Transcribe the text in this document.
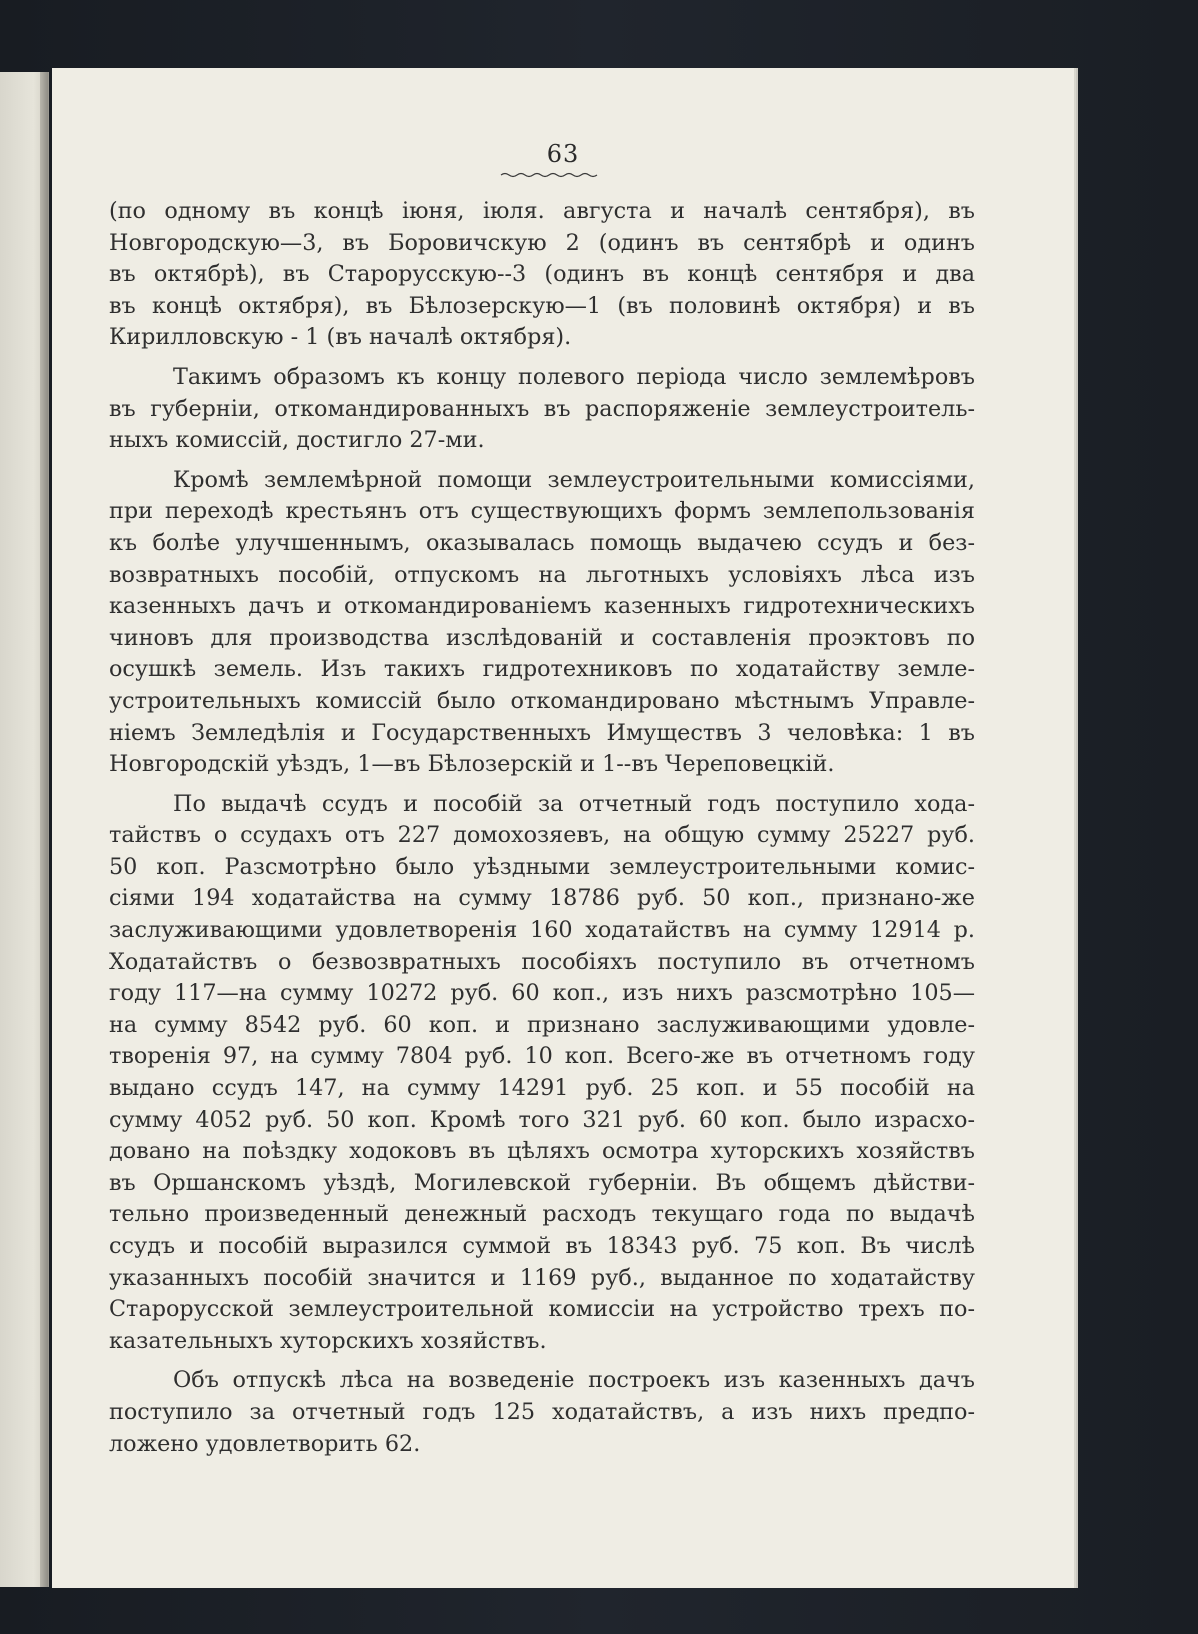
63
(по одному въ концѣ іюня, іюля. августа и началѣ сентября), въ
Новгородскую—3, въ Боровичскую 2 (одинъ въ сентябрѣ и одинъ
въ октябрѣ), въ Старорусскую--3 (одинъ въ концѣ сентября и два
въ концѣ октября), въ Бѣлозерскую—1 (въ половинѣ октября) и въ
Кирилловскую - 1 (въ началѣ октября).
Такимъ образомъ къ концу полевого періода число землемѣровъ
въ губерніи, откомандированныхъ въ распоряженіе землеустроитель-
ныхъ комиссій, достигло 27-ми.
Кромѣ землемѣрной помощи землеустроительными комиссіями,
при переходѣ крестьянъ отъ существующихъ формъ землепользованія
къ болѣе улучшеннымъ, оказывалась помощь выдачею ссудъ и без-
возвратныхъ пособій, отпускомъ на льготныхъ условіяхъ лѣса изъ
казенныхъ дачъ и откомандированіемъ казенныхъ гидротехническихъ
чиновъ для производства изслѣдованій и составленія проэктовъ по
осушкѣ земель. Изъ такихъ гидротехниковъ по ходатайству земле-
устроительныхъ комиссій было откомандировано мѣстнымъ Управле-
ніемъ Земледѣлія и Государственныхъ Имуществъ 3 человѣка: 1 въ
Новгородскій уѣздъ, 1—въ Бѣлозерскій и 1--въ Череповецкій.
По выдачѣ ссудъ и пособій за отчетный годъ поступило хода-
тайствъ о ссудахъ отъ 227 домохозяевъ, на общую сумму 25227 руб.
50 коп. Разсмотрѣно было уѣздными землеустроительными комис-
сіями 194 ходатайства на сумму 18786 руб. 50 коп., признано-же
заслуживающими удовлетворенія 160 ходатайствъ на сумму 12914 р.
Ходатайствъ о безвозвратныхъ пособіяхъ поступило въ отчетномъ
году 117—на сумму 10272 руб. 60 коп., изъ нихъ разсмотрѣно 105—
на сумму 8542 руб. 60 коп. и признано заслуживающими удовле-
творенія 97, на сумму 7804 руб. 10 коп. Всего-же въ отчетномъ году
выдано ссудъ 147, на сумму 14291 руб. 25 коп. и 55 пособій на
сумму 4052 руб. 50 коп. Кромѣ того 321 руб. 60 коп. было израсхо-
довано на поѣздку ходоковъ въ цѣляхъ осмотра хуторскихъ хозяйствъ
въ Оршанскомъ уѣздѣ, Могилевской губерніи. Въ общемъ дѣйстви-
тельно произведенный денежный расходъ текущаго года по выдачѣ
ссудъ и пособій выразился суммой въ 18343 руб. 75 коп. Въ числѣ
указанныхъ пособій значится и 1169 руб., выданное по ходатайству
Старорусской землеустроительной комиссіи на устройство трехъ по-
казательныхъ хуторскихъ хозяйствъ.
Объ отпускѣ лѣса на возведеніе построекъ изъ казенныхъ дачъ
поступило за отчетный годъ 125 ходатайствъ, а изъ нихъ предпо-
ложено удовлетворить 62.
